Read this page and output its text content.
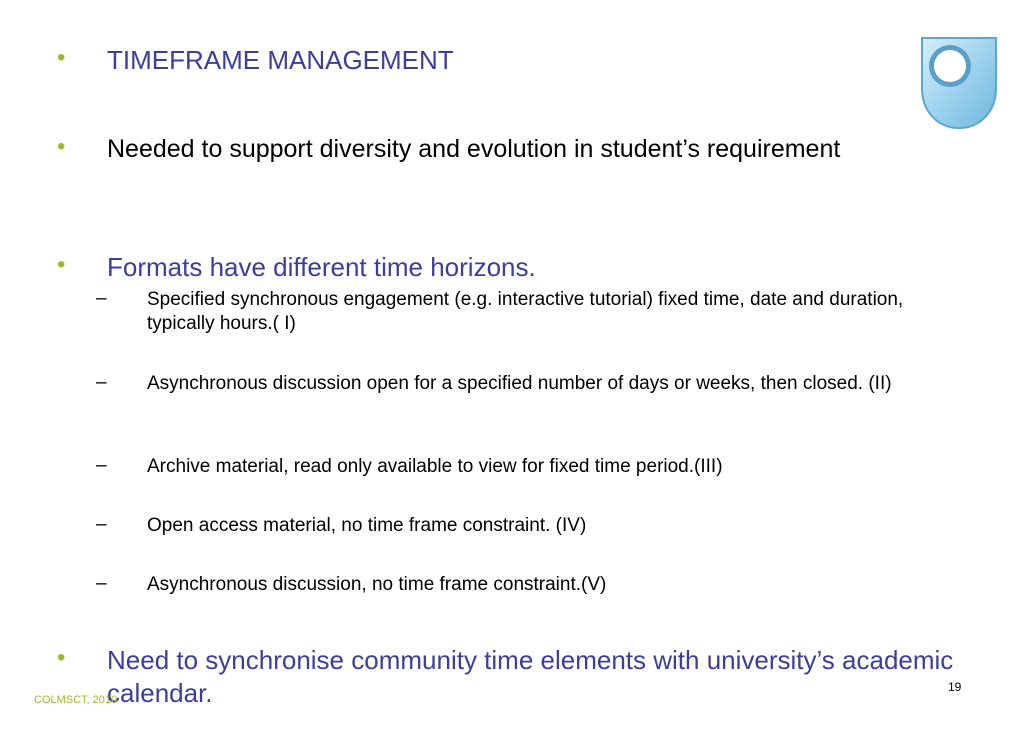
• TIMEFRAME MANAGEMENT
• Needed to support diversity and evolution in student’s requirement
• Formats have different time horizons.
– Specified synchronous engagement (e.g. interactive tutorial) fixed time, date and duration, typically hours.( I)
– Asynchronous discussion open for a specified number of days or weeks, then closed. (II)
– Archive material, read only available to view for fixed time period.(III)
– Open access material, no time frame constraint. (IV)
– Asynchronous discussion, no time frame constraint.(V)
• Need to synchronise community time elements with university’s academic calendar.
COLMSCT, 2010
19
